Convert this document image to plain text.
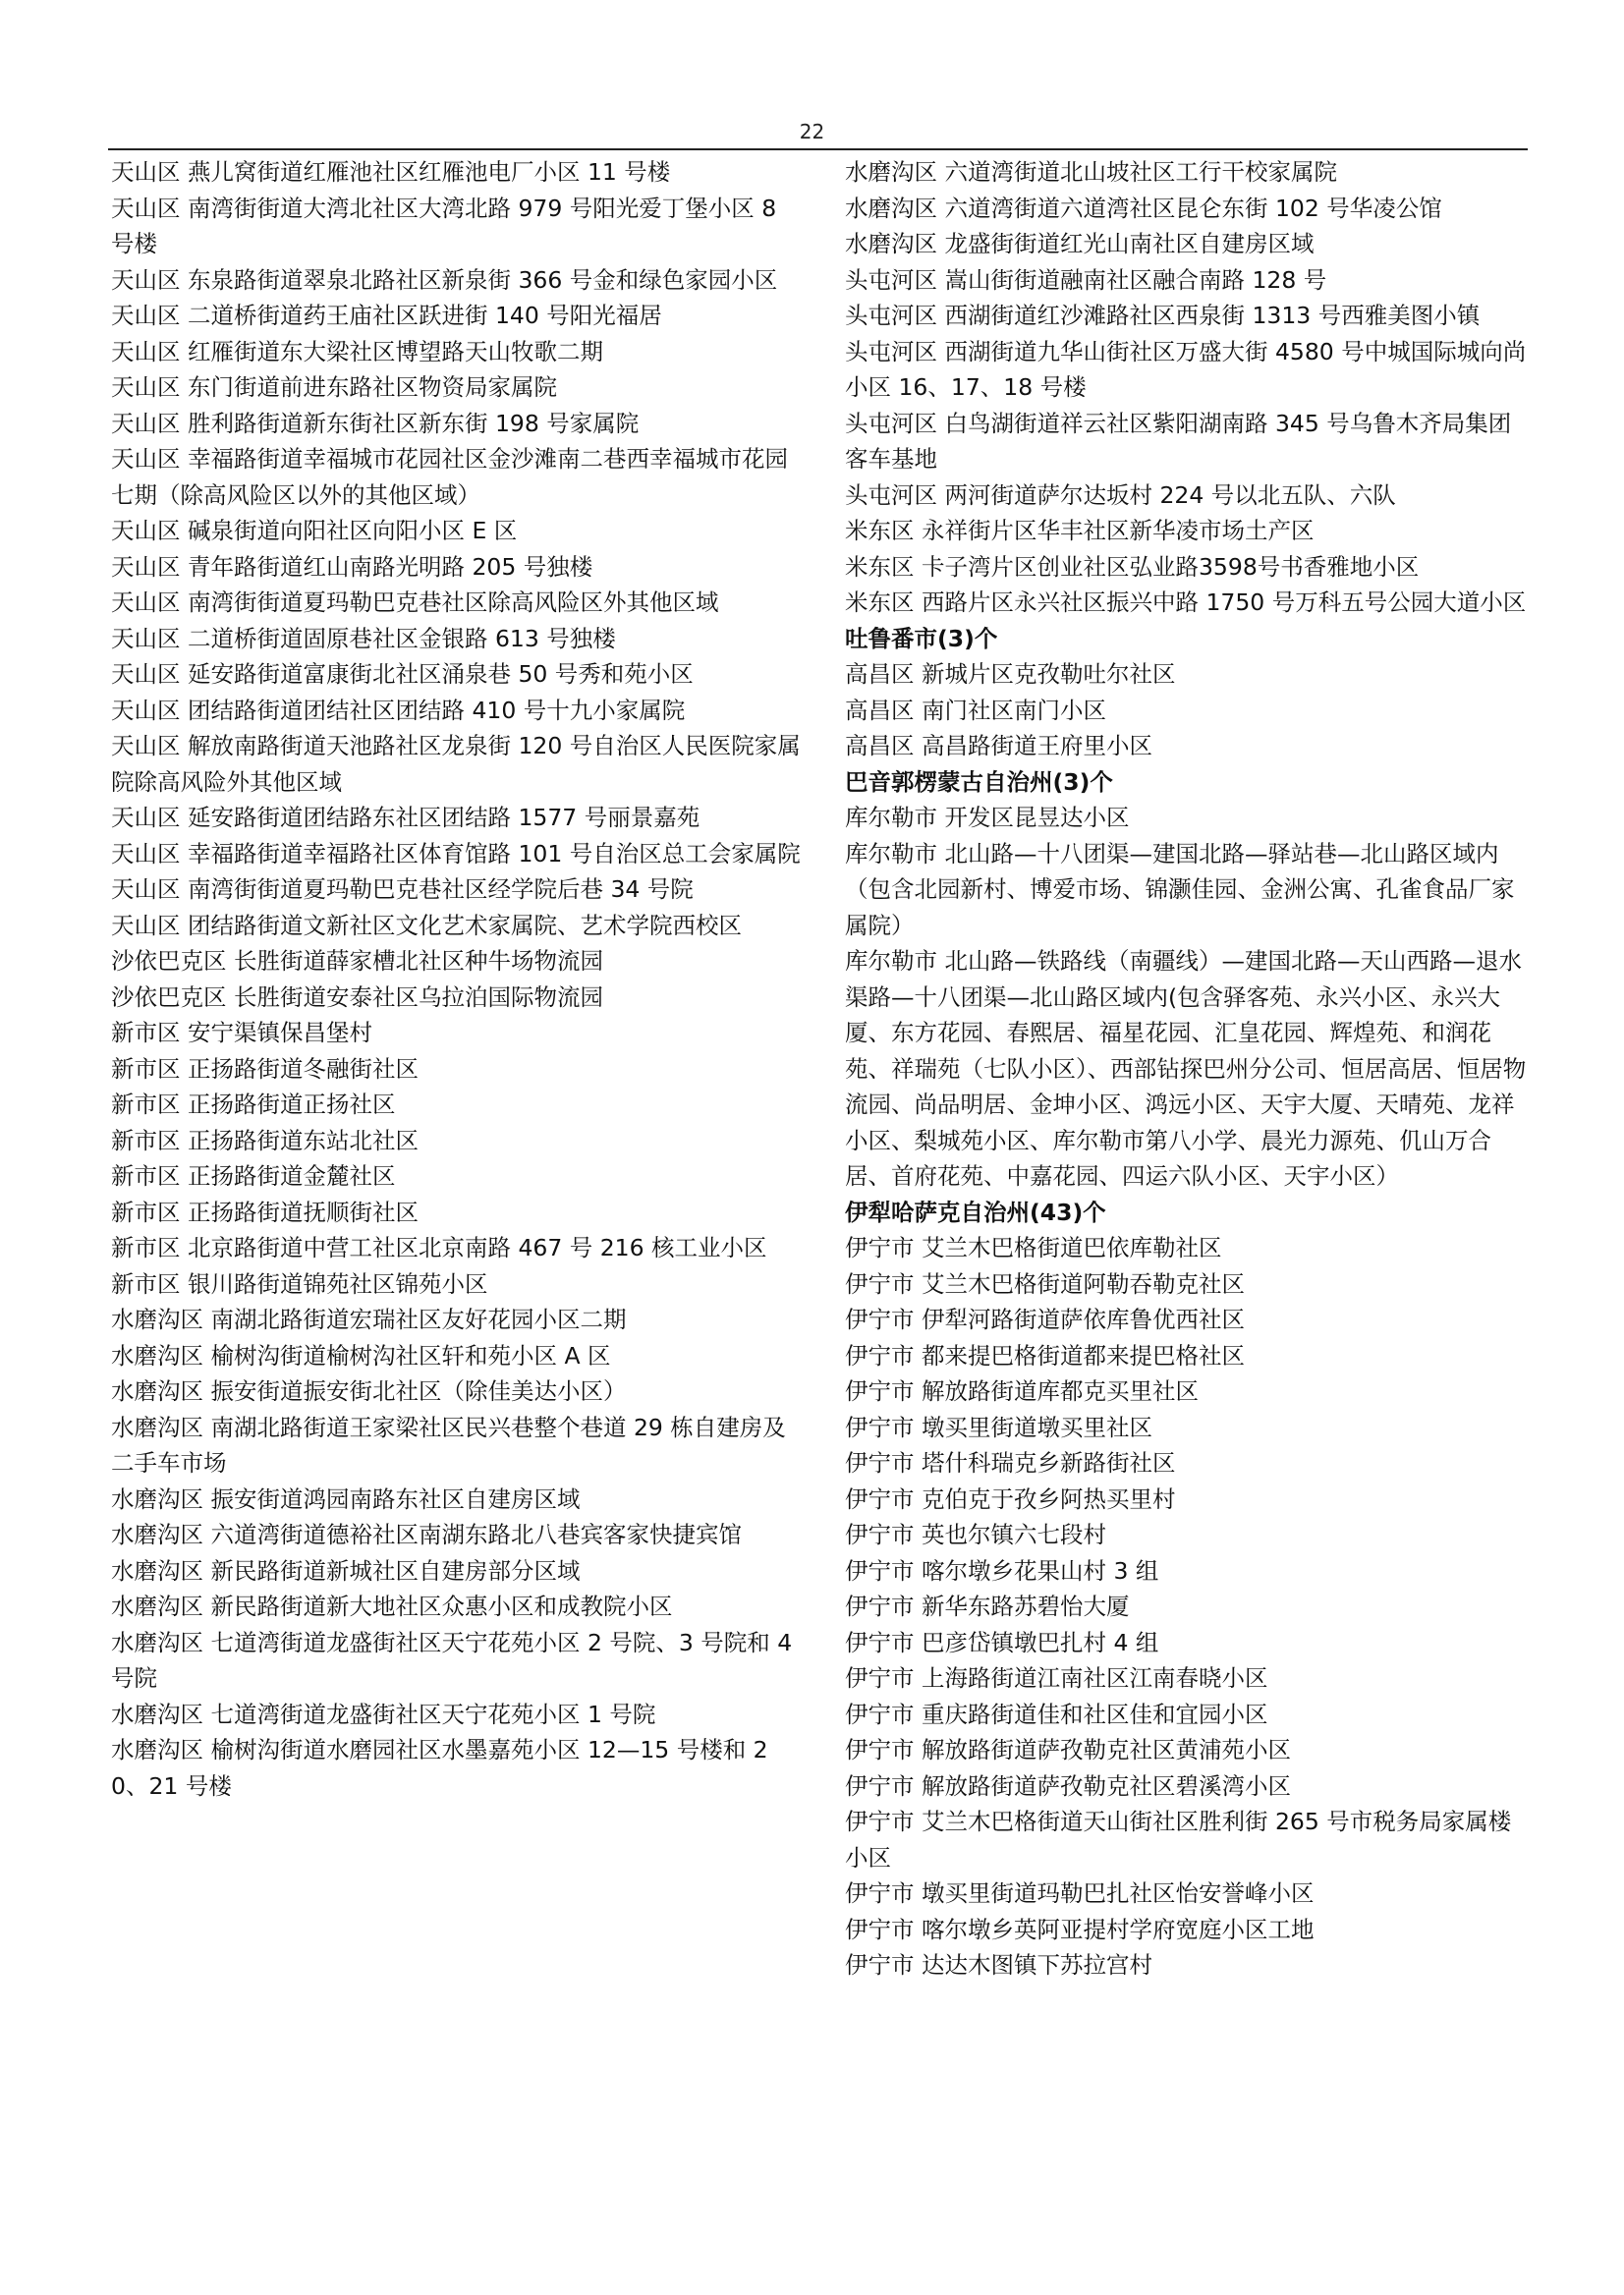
22
天山区 燕儿窝街道红雁池社区红雁池电厂小区 11 号楼
天山区 南湾街街道大湾北社区大湾北路 979 号阳光爱丁堡小区 8 号楼
天山区 东泉路街道翠泉北路社区新泉街 366 号金和绿色家园小区
天山区 二道桥街道药王庙社区跃进街 140 号阳光福居
天山区 红雁街道东大梁社区博望路天山牧歌二期
天山区 东门街道前进东路社区物资局家属院
天山区 胜利路街道新东街社区新东街 198 号家属院
天山区 幸福路街道幸福城市花园社区金沙滩南二巷西幸福城市花园七期（除高风险区以外的其他区域）
天山区 碱泉街道向阳社区向阳小区 E 区
天山区 青年路街道红山南路光明路 205 号独楼
天山区 南湾街街道夏玛勒巴克巷社区除高风险区外其他区域
天山区 二道桥街道固原巷社区金银路 613 号独楼
天山区 延安路街道富康街北社区涌泉巷 50 号秀和苑小区
天山区 团结路街道团结社区团结路 410 号十九小家属院
天山区 解放南路街道天池路社区龙泉街 120 号自治区人民医院家属院除高风险外其他区域
天山区 延安路街道团结路东社区团结路 1577 号丽景嘉苑
天山区 幸福路街道幸福路社区体育馆路 101 号自治区总工会家属院
天山区 南湾街街道夏玛勒巴克巷社区经学院后巷 34 号院
天山区 团结路街道文新社区文化艺术家属院、艺术学院西校区
沙依巴克区 长胜街道薛家槽北社区种牛场物流园
沙依巴克区 长胜街道安泰社区乌拉泊国际物流园
新市区 安宁渠镇保昌堡村
新市区 正扬路街道冬融街社区
新市区 正扬路街道正扬社区
新市区 正扬路街道东站北社区
新市区 正扬路街道金麓社区
新市区 正扬路街道抚顺街社区
新市区 北京路街道中营工社区北京南路 467 号 216 核工业小区
新市区 银川路街道锦苑社区锦苑小区
水磨沟区 南湖北路街道宏瑞社区友好花园小区二期
水磨沟区 榆树沟街道榆树沟社区轩和苑小区 A 区
水磨沟区 振安街道振安街北社区（除佳美达小区）
水磨沟区 南湖北路街道王家梁社区民兴巷整个巷道 29 栋自建房及二手车市场
水磨沟区 振安街道鸿园南路东社区自建房区域
水磨沟区 六道湾街道德裕社区南湖东路北八巷宾客家快捷宾馆
水磨沟区 新民路街道新城社区自建房部分区域
水磨沟区 新民路街道新大地社区众惠小区和成教院小区
水磨沟区 七道湾街道龙盛街社区天宁花苑小区 2 号院、3 号院和 4 号院
水磨沟区 七道湾街道龙盛街社区天宁花苑小区 1 号院
水磨沟区 榆树沟街道水磨园社区水墨嘉苑小区 12—15 号楼和 20、21 号楼
水磨沟区 六道湾街道北山坡社区工行干校家属院
水磨沟区 六道湾街道六道湾社区昆仑东街 102 号华凌公馆
水磨沟区 龙盛街街道红光山南社区自建房区域
头屯河区 嵩山街街道融南社区融合南路 128 号
头屯河区 西湖街道红沙滩路社区西泉街 1313 号西雅美图小镇
头屯河区 西湖街道九华山街社区万盛大街 4580 号中城国际城向尚小区 16、17、18 号楼
头屯河区 白鸟湖街道祥云社区紫阳湖南路 345 号乌鲁木齐局集团客车基地
头屯河区 两河街道萨尔达坂村 224 号以北五队、六队
米东区 永祥街片区华丰社区新华凌市场土产区
米东区 卡子湾片区创业社区弘业路3598号书香雅地小区
米东区 西路片区永兴社区振兴中路 1750 号万科五号公园大道小区
吐鲁番市(3)个
高昌区 新城片区克孜勒吐尔社区
高昌区 南门社区南门小区
高昌区 高昌路街道王府里小区
巴音郭楞蒙古自治州(3)个
库尔勒市 开发区昆昱达小区
库尔勒市 北山路—十八团渠—建国北路—驿站巷—北山路区域内（包含北园新村、博爱市场、锦灏佳园、金洲公寓、孔雀食品厂家属院）
库尔勒市 北山路—铁路线（南疆线）—建国北路—天山西路—退水渠路—十八团渠—北山路区域内(包含驿客苑、永兴小区、永兴大厦、东方花园、春熙居、福星花园、汇皇花园、辉煌苑、和润花苑、祥瑞苑（七队小区）、西部钻探巴州分公司、恒居高居、恒居物流园、尚品明居、金坤小区、鸿远小区、天宇大厦、天晴苑、龙祥小区、梨城苑小区、库尔勒市第八小学、晨光力源苑、仉山万合居、首府花苑、中嘉花园、四运六队小区、天宇小区）
伊犁哈萨克自治州(43)个
伊宁市 艾兰木巴格街道巴依库勒社区
伊宁市 艾兰木巴格街道阿勒吞勒克社区
伊宁市 伊犁河路街道萨依库鲁优西社区
伊宁市 都来提巴格街道都来提巴格社区
伊宁市 解放路街道库都克买里社区
伊宁市 墩买里街道墩买里社区
伊宁市 塔什科瑞克乡新路街社区
伊宁市 克伯克于孜乡阿热买里村
伊宁市 英也尔镇六七段村
伊宁市 喀尔墩乡花果山村 3 组
伊宁市 新华东路苏碧怡大厦
伊宁市 巴彦岱镇墩巴扎村 4 组
伊宁市 上海路街道江南社区江南春晓小区
伊宁市 重庆路街道佳和社区佳和宜园小区
伊宁市 解放路街道萨孜勒克社区黄浦苑小区
伊宁市 解放路街道萨孜勒克社区碧溪湾小区
伊宁市 艾兰木巴格街道天山街社区胜利街 265 号市税务局家属楼小区
伊宁市 墩买里街道玛勒巴扎社区怡安誉峰小区
伊宁市 喀尔墩乡英阿亚提村学府宽庭小区工地
伊宁市 达达木图镇下苏拉宫村
